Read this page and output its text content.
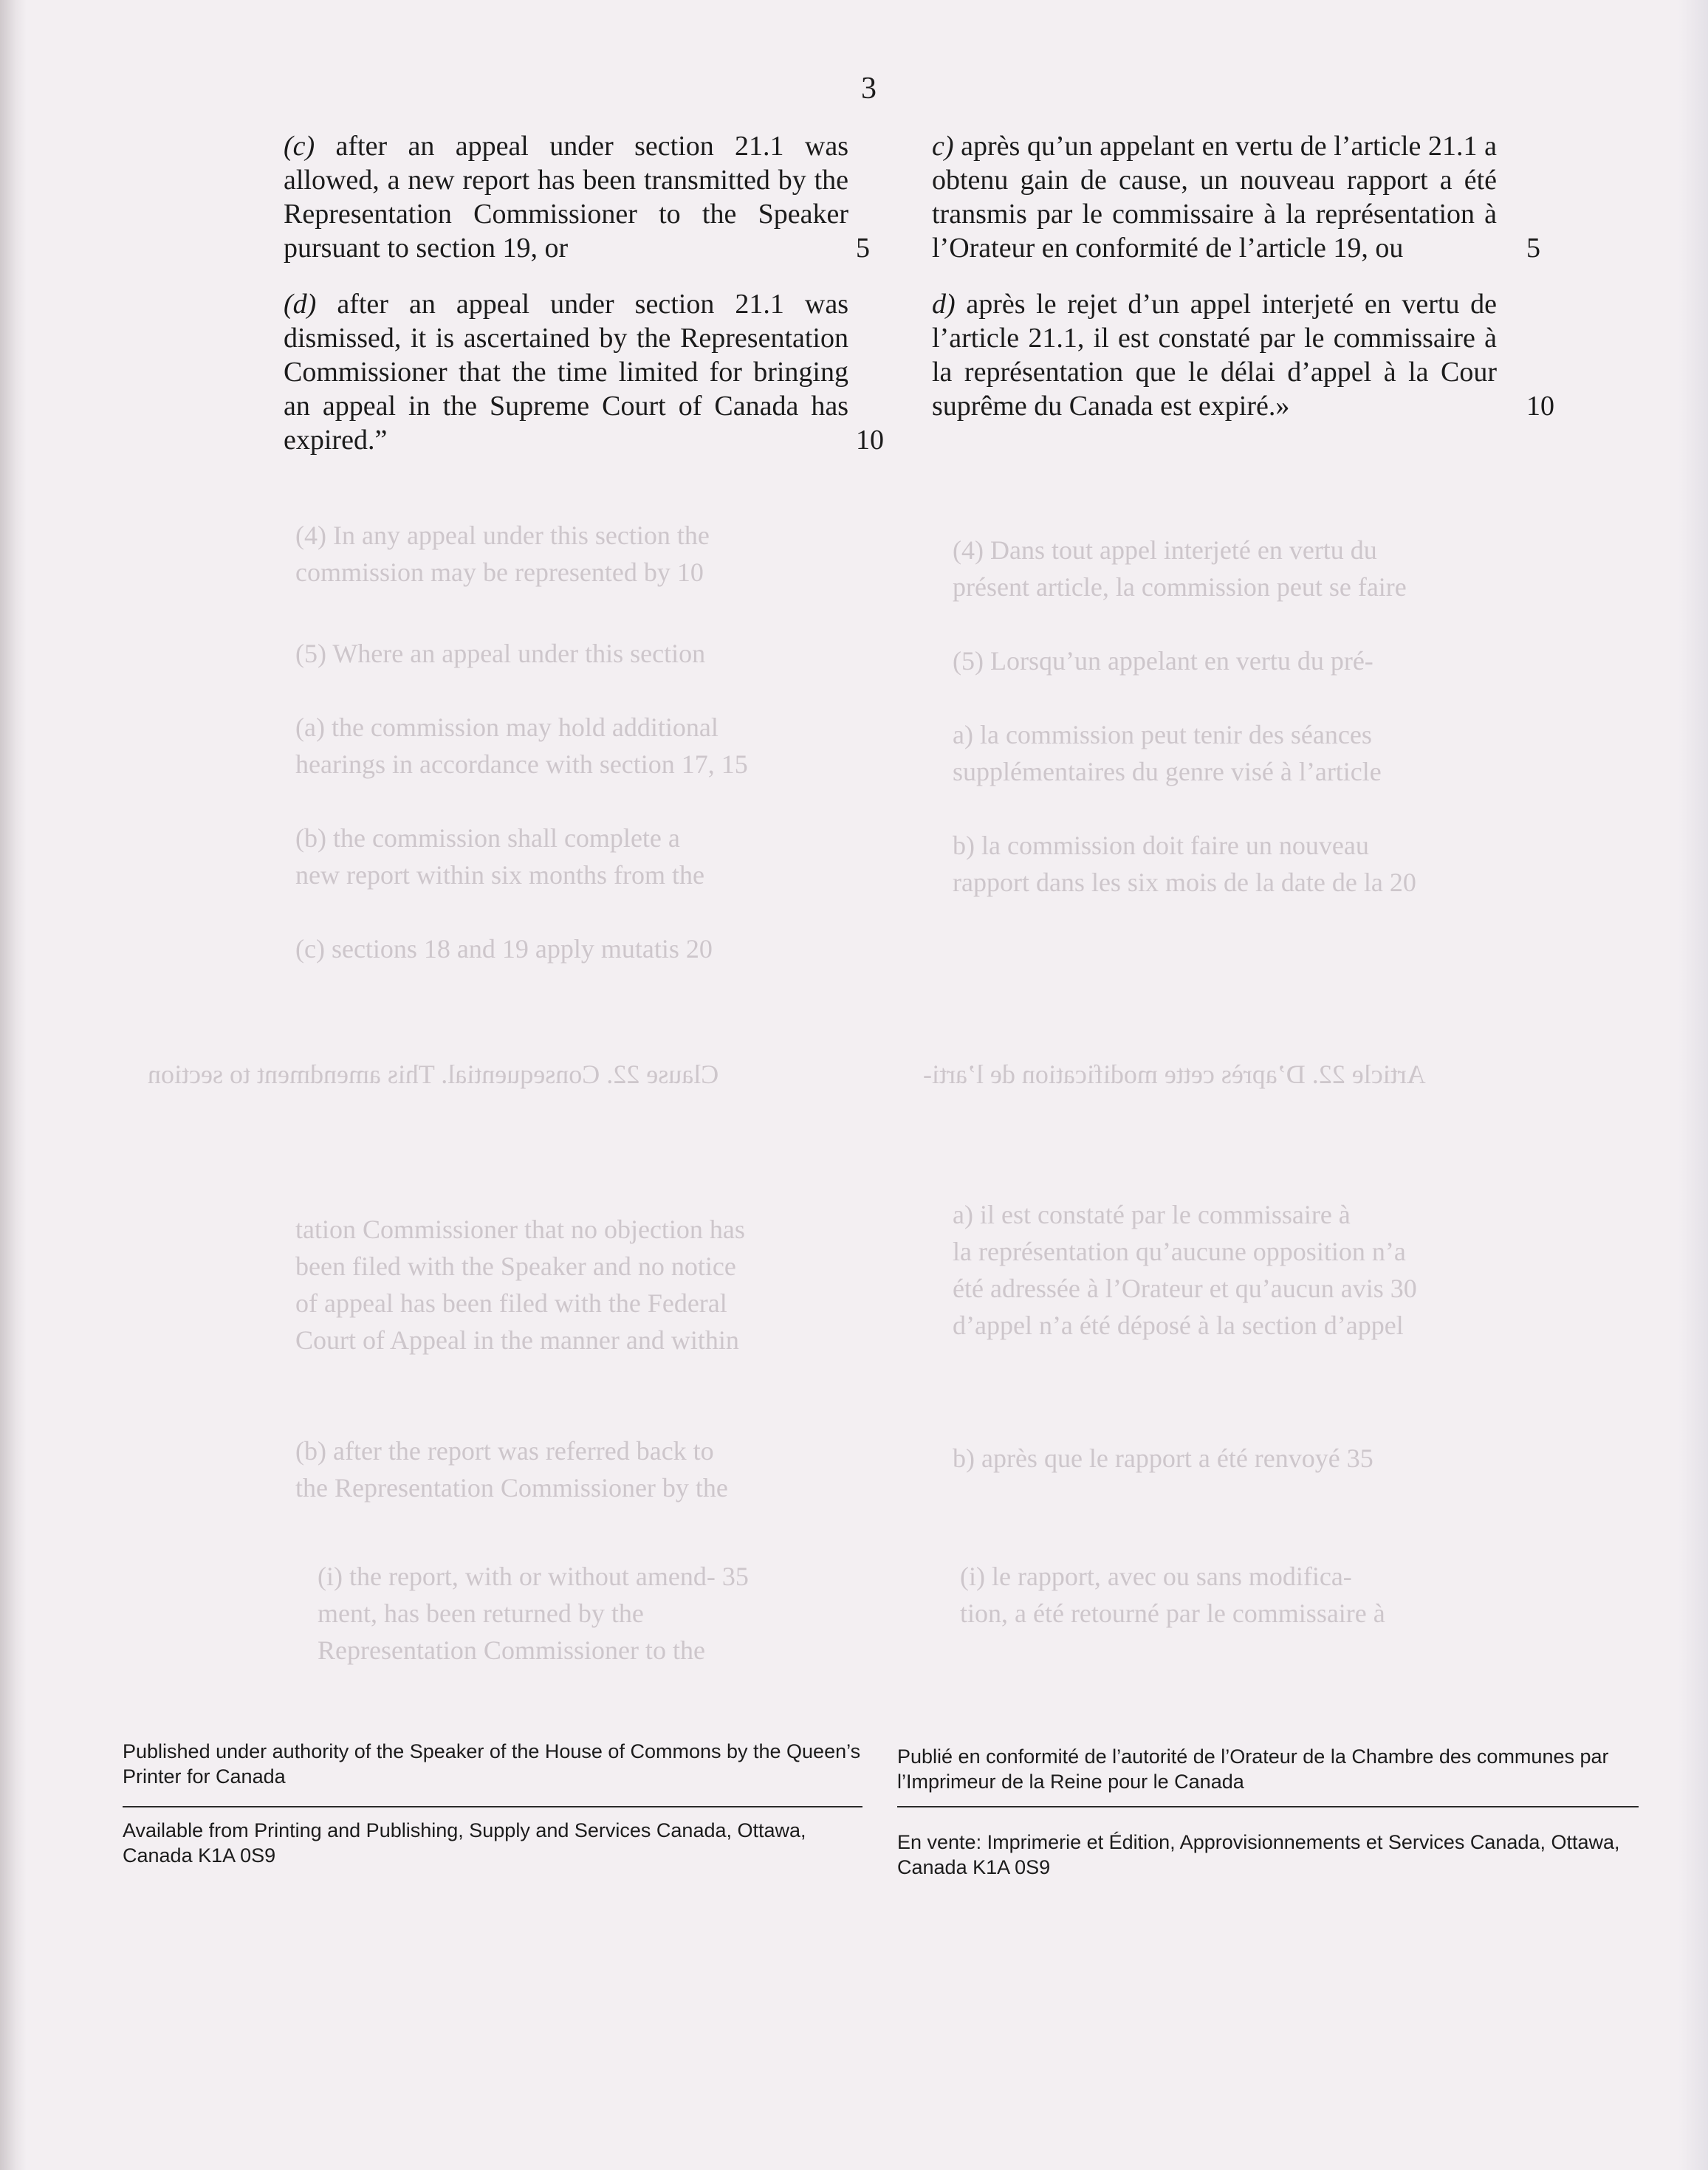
(4) In any appeal under this section the
commission may be represented by 10
(5) Where an appeal under this section
(a) the commission may hold additional
hearings in accordance with section 17, 15
(b) the commission shall complete a
new report within six months from the
(c) sections 18 and 19 apply mutatis 20
(4) Dans tout appel interjeté en vertu du
présent article, la commission peut se faire
(5) Lorsqu’un appelant en vertu du pré-
a) la commission peut tenir des séances
supplémentaires du genre visé à l’article
b) la commission doit faire un nouveau
rapport dans les six mois de la date de la 20
Clause 22. Consequential. This amendment to section	Article 22. D’après cette modification de l’arti-
tation Commissioner that no objection has
been filed with the Speaker and no notice
of appeal has been filed with the Federal
Court of Appeal in the manner and within
(b) after the report was referred back to
the Representation Commissioner by the
(i) the report, with or without amend- 35
ment, has been returned by the
Representation Commissioner to the
a) il est constaté par le commissaire à
la représentation qu’aucune opposition n’a
été adressée à l’Orateur et qu’aucun avis 30
d’appel n’a été déposé à la section d’appel
b) après que le rapport a été renvoyé 35
(i) le rapport, avec ou sans modifica-
tion, a été retourné par le commissaire à
3

(c) after an appeal under section 21.1 was allowed, a new report has been transmitted by the Representation Commissioner to the Speaker pursuant to section 19, or	5

(d) after an appeal under section 21.1 was dismissed, it is ascertained by the Representation Commissioner that the time limited for bringing an appeal in the Supreme Court of Canada has expired.”	10

c) après qu’un appelant en vertu de l’article 21.1 a obtenu gain de cause, un nouveau rapport a été transmis par le commissaire à la représentation à l’Orateur en conformité de l’article 19, ou	5

d) après le rejet d’un appel interjeté en vertu de l’article 21.1, il est constaté par le commissaire à la représentation que le délai d’appel à la Cour suprême du Canada est expiré.»	10

Published under authority of the Speaker of the House of Commons by the Queen’s Printer for Canada
Publié en conformité de l’autorité de l’Orateur de la Chambre des communes par l’Imprimeur de la Reine pour le Canada
Available from Printing and Publishing, Supply and Services Canada, Ottawa, Canada K1A 0S9
En vente: Imprimerie et Édition, Approvisionnements et Services Canada, Ottawa, Canada K1A 0S9
